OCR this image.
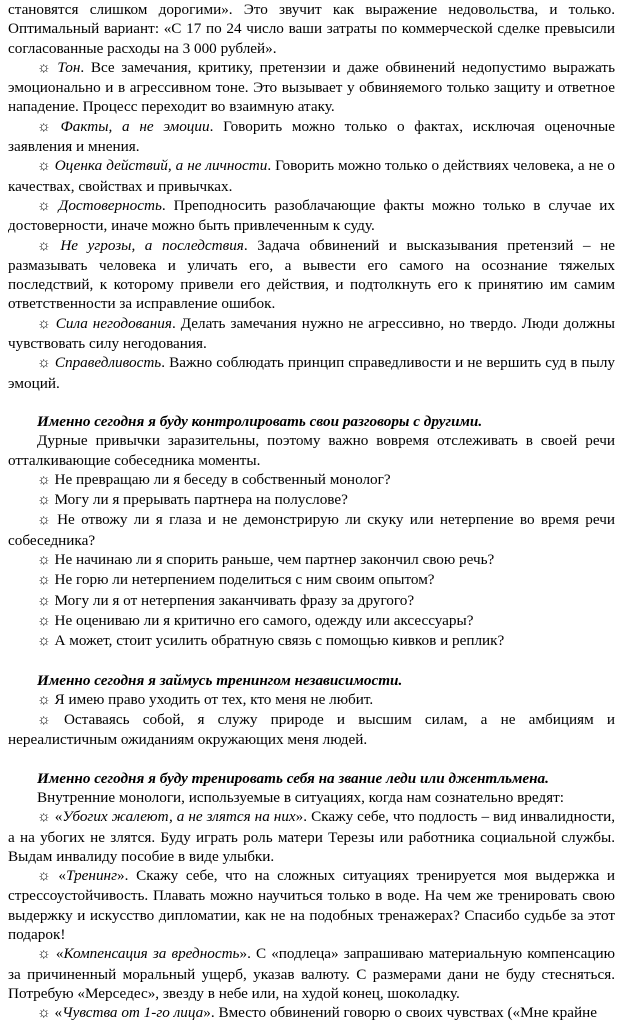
становятся слишком дорогими». Это звучит как выражение недовольства, и только. Оптимальный вариант: «С 17 по 24 число ваши затраты по коммерческой сделке превысили согласованные расходы на 3 000 рублей».

☼ Тон. Все замечания, критику, претензии и даже обвинений недопустимо выражать эмоционально и в агрессивном тоне. Это вызывает у обвиняемого только защиту и ответное нападение. Процесс переходит во взаимную атаку.

☼ Факты, а не эмоции. Говорить можно только о фактах, исключая оценочные заявления и мнения.

☼ Оценка действий, а не личности. Говорить можно только о действиях человека, а не о качествах, свойствах и привычках.

☼ Достоверность. Преподносить разоблачающие факты можно только в случае их достоверности, иначе можно быть привлеченным к суду.

☼ Не угрозы, а последствия. Задача обвинений и высказывания претензий – не размазывать человека и уличать его, а вывести его самого на осознание тяжелых последствий, к которому привели его действия, и подтолкнуть его к принятию им самим ответственности за исправление ошибок.

☼ Сила негодования. Делать замечания нужно не агрессивно, но твердо. Люди должны чувствовать силу негодования.

☼ Справедливость. Важно соблюдать принцип справедливости и не вершить суд в пылу эмоций.

Именно сегодня я буду контролировать свои разговоры с другими.

Дурные привычки заразительны, поэтому важно вовремя отслеживать в своей речи отталкивающие собеседника моменты.

☼ Не превращаю ли я беседу в собственный монолог?

☼ Могу ли я прерывать партнера на полуслове?

☼ Не отвожу ли я глаза и не демонстрирую ли скуку или нетерпение во время речи собеседника?

☼ Не начинаю ли я спорить раньше, чем партнер закончил свою речь?

☼ Не горю ли нетерпением поделиться с ним своим опытом?

☼ Могу ли я от нетерпения заканчивать фразу за другого?

☼ Не оцениваю ли я критично его самого, одежду или аксессуары?

☼ А может, стоит усилить обратную связь с помощью кивков и реплик?

Именно сегодня я займусь тренингом независимости.

☼ Я имею право уходить от тех, кто меня не любит.

☼ Оставаясь собой, я служу природе и высшим силам, а не амбициям и нереалистичным ожиданиям окружающих меня людей.

Именно сегодня я буду тренировать себя на звание леди или джентльмена.

Внутренние монологи, используемые в ситуациях, когда нам сознательно вредят:

☼ «Убогих жалеют, а не злятся на них». Скажу себе, что подлость – вид инвалидности, а на убогих не злятся. Буду играть роль матери Терезы или работника социальной службы. Выдам инвалиду пособие в виде улыбки.

☼ «Тренинг». Скажу себе, что на сложных ситуациях тренируется моя выдержка и стрессоустойчивость. Плавать можно научиться только в воде. На чем же тренировать свою выдержку и искусство дипломатии, как не на подобных тренажерах? Спасибо судьбе за этот подарок!

☼ «Компенсация за вредность». С «подлеца» запрашиваю материальную компенсацию за причиненный моральный ущерб, указав валюту. С размерами дани не буду стесняться. Потребую «Мерседес», звезду в небе или, на худой конец, шоколадку.

☼ «Чувства от 1-го лица». Вместо обвинений говорю о своих чувствах («Мне крайне
